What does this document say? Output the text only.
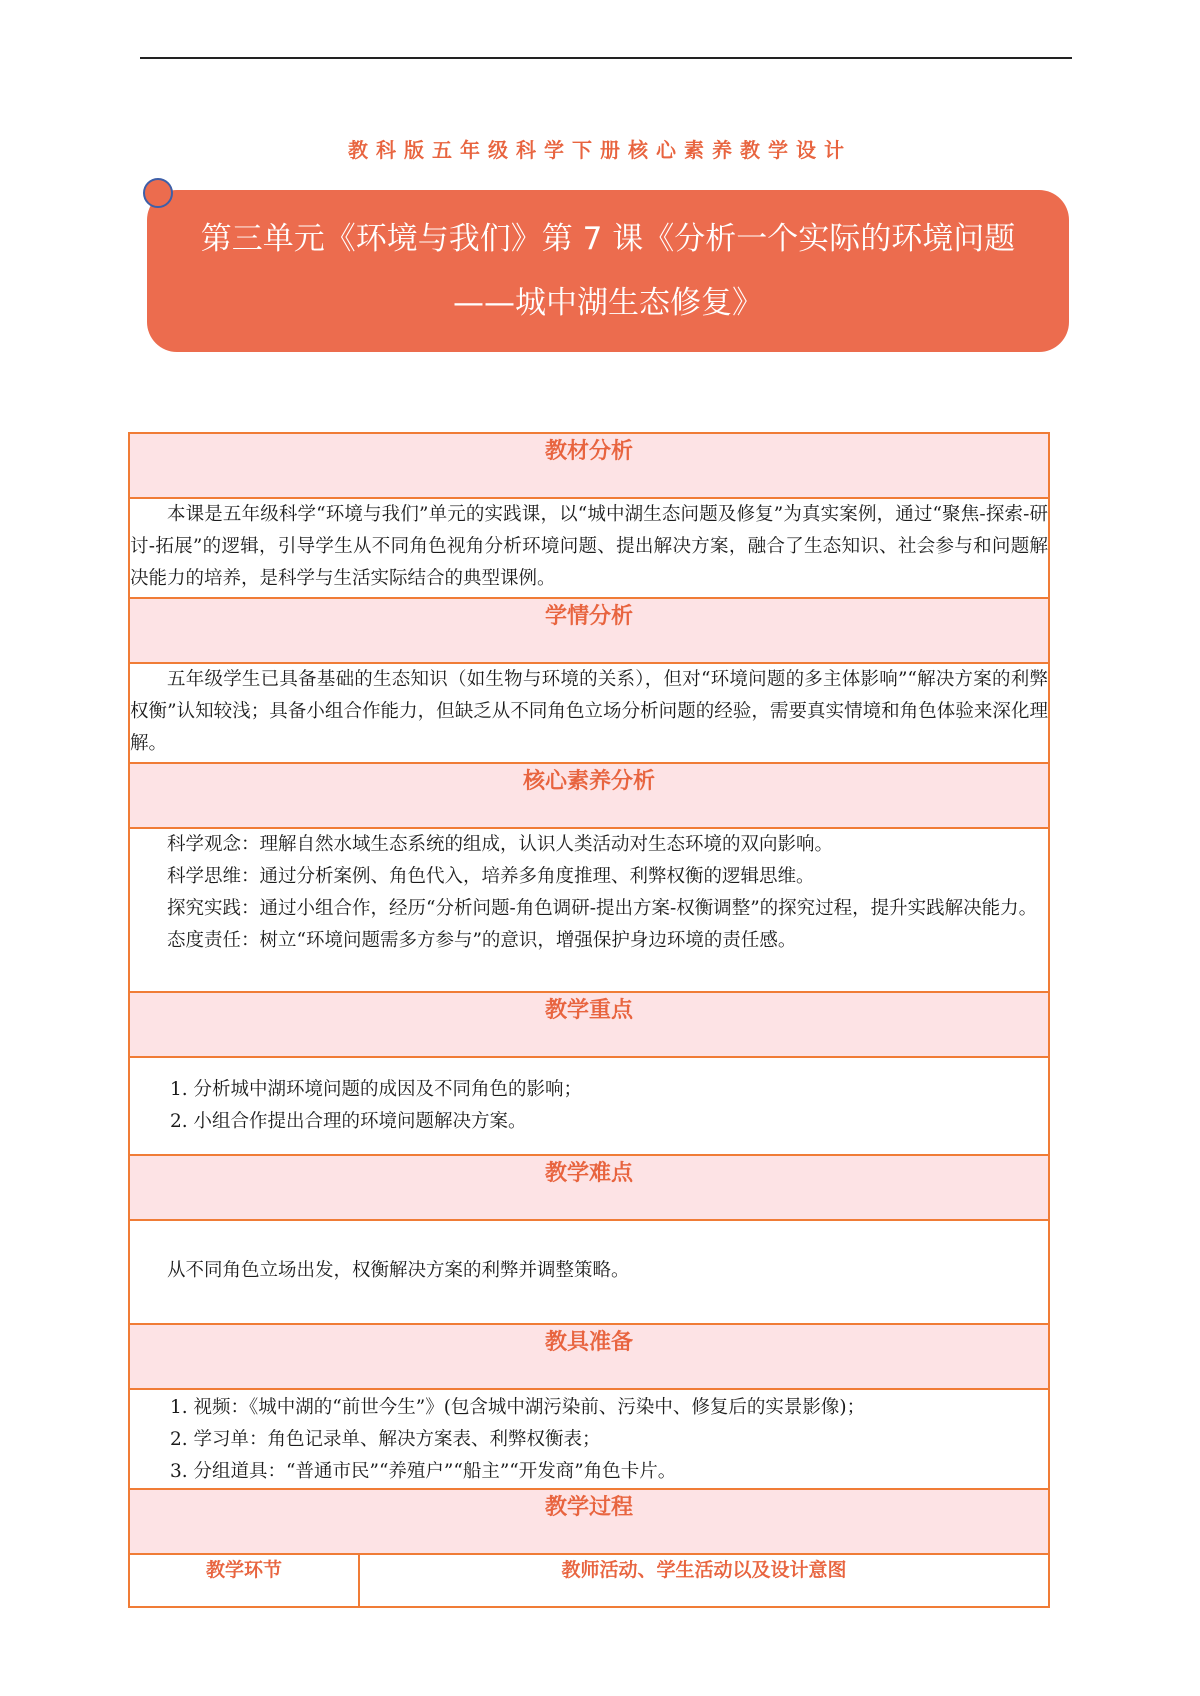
教科版五年级科学下册核心素养教学设计
第三单元《环境与我们》第 7 课《分析一个实际的环境问题——城中湖生态修复》
教材分析

本课是五年级科学“环境与我们”单元的实践课，以“城中湖生态问题及修复”为真实案例，通过“聚焦-探索-研讨-拓展”的逻辑，引导学生从不同角色视角分析环境问题、提出解决方案，融合了生态知识、社会参与和问题解决能力的培养，是科学与生活实际结合的典型课例。

学情分析

五年级学生已具备基础的生态知识（如生物与环境的关系），但对“环境问题的多主体影响”“解决方案的利弊权衡”认知较浅；具备小组合作能力，但缺乏从不同角色立场分析问题的经验，需要真实情境和角色体验来深化理解。

核心素养分析

科学观念：理解自然水域生态系统的组成，认识人类活动对生态环境的双向影响。

科学思维：通过分析案例、角色代入，培养多角度推理、利弊权衡的逻辑思维。

探究实践：通过小组合作，经历“分析问题-角色调研-提出方案-权衡调整”的探究过程，提升实践解决能力。

态度责任：树立“环境问题需多方参与”的意识，增强保护身边环境的责任感。

教学重点

1. 分析城中湖环境问题的成因及不同角色的影响；

2. 小组合作提出合理的环境问题解决方案。

教学难点

从不同角色立场出发，权衡解决方案的利弊并调整策略。

教具准备

1. 视频：《城中湖的“前世今生”》(包含城中湖污染前、污染中、修复后的实景影像)；

2. 学习单：角色记录单、解决方案表、利弊权衡表；

3. 分组道具：“普通市民”“养殖户”“船主”“开发商”角色卡片。

教学过程
教学环节	教师活动、学生活动以及设计意图
